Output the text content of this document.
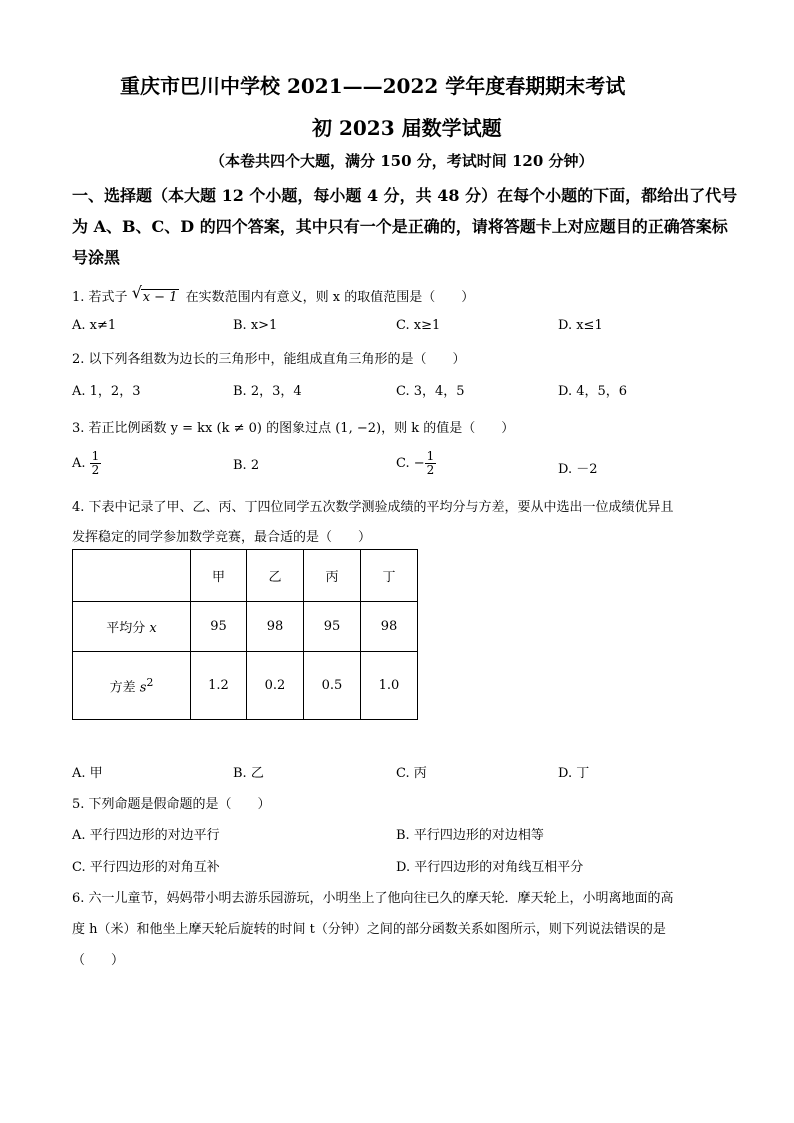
重庆市巴川中学校 2021——2022 学年度春期期末考试
初 2023 届数学试题
（本卷共四个大题，满分 150 分，考试时间 120 分钟）
一、选择题（本大题 12 个小题，每小题 4 分，共 48 分）在每个小题的下面，都给出了代号
为 A、B、C、D 的四个答案，其中只有一个是正确的，请将答题卡上对应题目的正确答案标
号涂黑
1. 若式子 √ x − 1 在实数范围内有意义，则 x 的取值范围是（　　）
A. x≠1	B. x>1	C. x≥1	D. x≤1
2. 以下列各组数为边长的三角形中，能组成直角三角形的是（　　）
A. 1，2，3	B. 2，3，4	C. 3，4，5	D. 4，5，6
3. 若正比例函数 y = kx (k ≠ 0) 的图象过点 (1, −2)，则 k 的值是（　　）
A. $\frac{1}{2}$	B. 2	C. − $\frac{1}{2}$	D. －2
4. 下表中记录了甲、乙、丙、丁四位同学五次数学测验成绩的平均分与方差，要从中选出一位成绩优异且
发挥稳定的同学参加数学竞赛，最合适的是（　　）
	甲	乙	丙	丁
平均分 x	95	98	95	98
方差 $s^2$	1.2	0.2	0.5	1.0
A. 甲	B. 乙	C. 丙	D. 丁
5. 下列命题是假命题的是（　　）
A. 平行四边形的对边平行	B. 平行四边形的对边相等
C. 平行四边形的对角互补	D. 平行四边形的对角线互相平分
6. 六一儿童节，妈妈带小明去游乐园游玩，小明坐上了他向往已久的摩天轮．摩天轮上，小明离地面的高
度 h（米）和他坐上摩天轮后旋转的时间 t（分钟）之间的部分函数关系如图所示，则下列说法错误的是
（　　）
